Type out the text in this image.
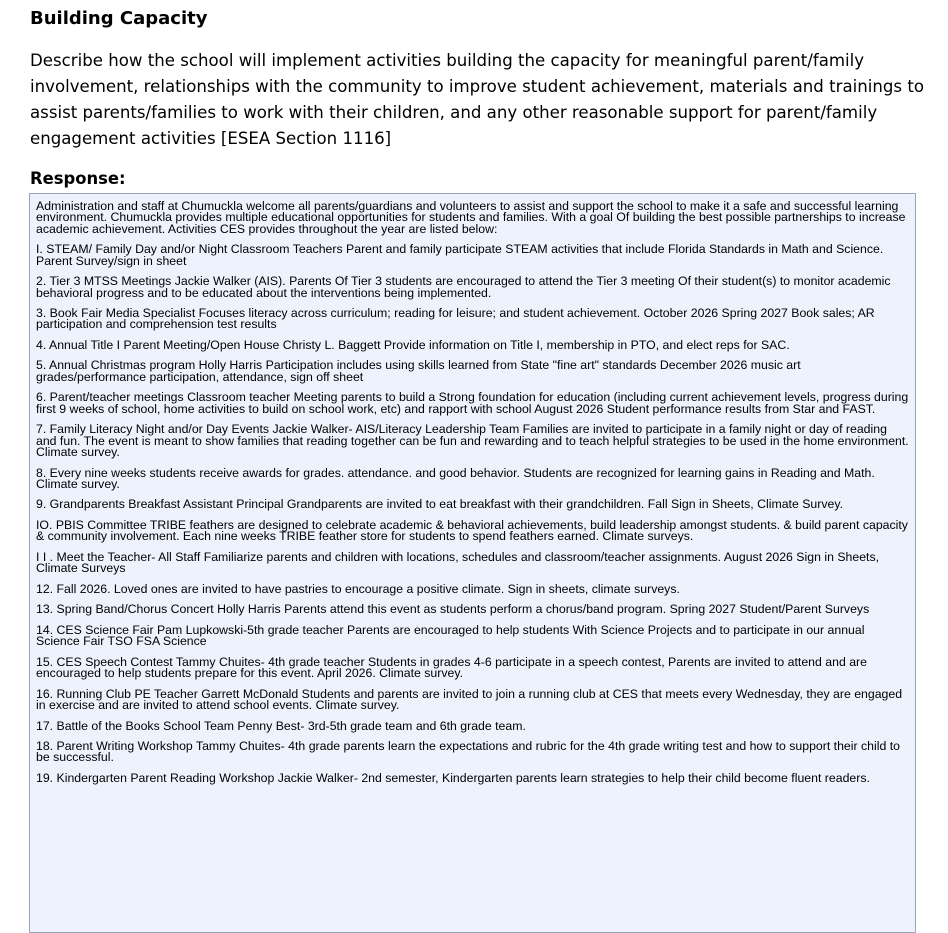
Building Capacity

Describe how the school will implement activities building the capacity for meaningful parent/family involvement, relationships with the community to improve student achievement, materials and trainings to assist parents/families to work with their children, and any other reasonable support for parent/family engagement activities [ESEA Section 1116]

Response:

Administration and staff at Chumuckla welcome all parents/guardians and volunteers to assist and support the school to make it a safe and successful learning environment. Chumuckla provides multiple educational opportunities for students and families. With a goal Of building the best possible partnerships to increase academic achievement. Activities CES provides throughout the year are listed below:

I. STEAM/ Family Day and/or Night Classroom Teachers Parent and family participate STEAM activities that include Florida Standards in Math and Science. Parent Survey/sign in sheet
2. Tier 3 MTSS Meetings Jackie Walker (AIS). Parents Of Tier 3 students are encouraged to attend the Tier 3 meeting Of their student(s) to monitor academic behavioral progress and to be educated about the interventions being implemented.
3. Book Fair Media Specialist Focuses literacy across curriculum; reading for leisure; and student achievement. October 2026 Spring 2027 Book sales; AR participation and comprehension test results
4. Annual Title I Parent Meeting/Open House Christy L. Baggett Provide information on Title I, membership in PTO, and elect reps for SAC.
5. Annual Christmas program Holly Harris Participation includes using skills learned from State "fine art" standards December 2026 music art grades/performance participation, attendance, sign off sheet
6. Parent/teacher meetings Classroom teacher Meeting parents to build a Strong foundation for education (including current achievement levels, progress during first 9 weeks of school, home activities to build on school work, etc) and rapport with school August 2026 Student performance results from Star and FAST.
7. Family Literacy Night and/or Day Events Jackie Walker- AIS/Literacy Leadership Team Families are invited to participate in a family night or day of reading and fun. The event is meant to show families that reading together can be fun and rewarding and to teach helpful strategies to be used in the home environment. Climate survey.
8. Every nine weeks students receive awards for grades. attendance. and good behavior. Students are recognized for learning gains in Reading and Math. Climate survey.
9. Grandparents Breakfast Assistant Principal Grandparents are invited to eat breakfast with their grandchildren. Fall Sign in Sheets, Climate Survey.
IO. PBIS Committee TRIBE feathers are designed to celebrate academic & behavioral achievements, build leadership amongst students. & build parent capacity & community involvement. Each nine weeks TRIBE feather store for students to spend feathers earned. Climate surveys.
I I . Meet the Teacher- All Staff Familiarize parents and children with locations, schedules and classroom/teacher assignments. August 2026 Sign in Sheets, Climate Surveys
12. Fall 2026. Loved ones are invited to have pastries to encourage a positive climate. Sign in sheets, climate surveys.
13. Spring Band/Chorus Concert Holly Harris Parents attend this event as students perform a chorus/band program. Spring 2027 Student/Parent Surveys
14. CES Science Fair Pam Lupkowski-5th grade teacher Parents are encouraged to help students With Science Projects and to participate in our annual Science Fair TSO FSA Science
15. CES Speech Contest Tammy Chuites- 4th grade teacher Students in grades 4-6 participate in a speech contest, Parents are invited to attend and are encouraged to help students prepare for this event. April 2026. Climate survey.
16. Running Club PE Teacher Garrett McDonald Students and parents are invited to join a running club at CES that meets every Wednesday, they are engaged in exercise and are invited to attend school events. Climate survey.
17. Battle of the Books School Team Penny Best- 3rd-5th grade team and 6th grade team.
18. Parent Writing Workshop Tammy Chuites- 4th grade parents learn the expectations and rubric for the 4th grade writing test and how to support their child to be successful.
19. Kindergarten Parent Reading Workshop Jackie Walker- 2nd semester, Kindergarten parents learn strategies to help their child become fluent readers.
